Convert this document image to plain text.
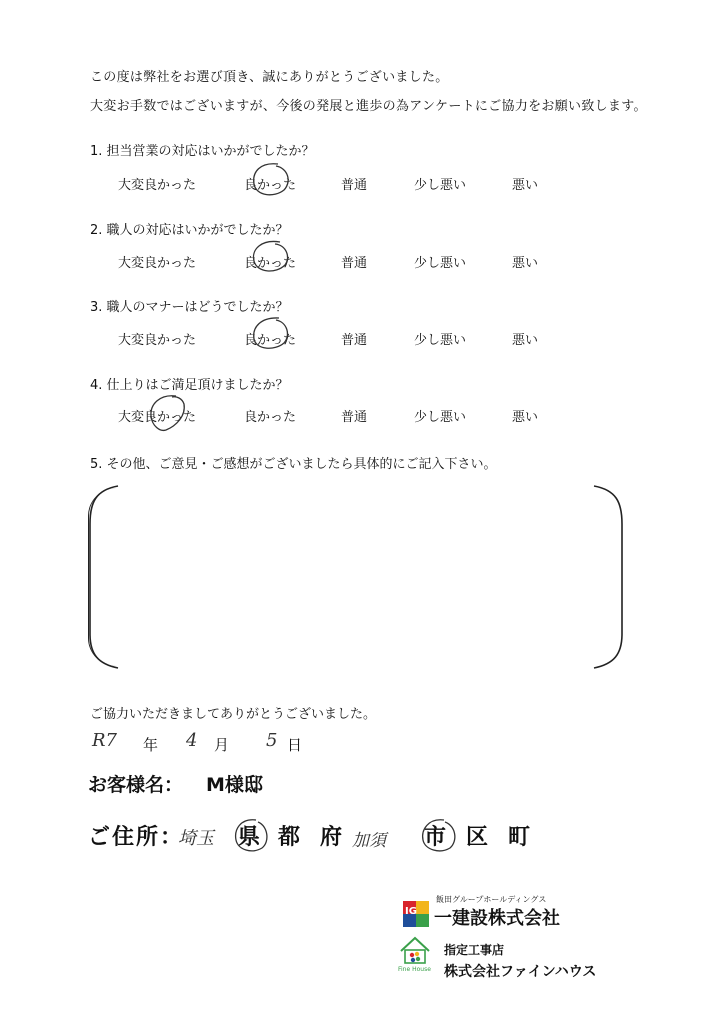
この度は弊社をお選び頂き、誠にありがとうございました。
大変お手数ではございますが、今後の発展と進歩の為アンケートにご協力をお願い致します。
1. 担当営業の対応はいかがでしたか？
大変良かった	良かった	普通	少し悪い	悪い
2. 職人の対応はいかがでしたか？
大変良かった	良かった	普通	少し悪い	悪い
3. 職人のマナーはどうでしたか？
大変良かった	良かった	普通	少し悪い	悪い
4. 仕上りはご満足頂けましたか？
大変良かった	良かった	普通	少し悪い	悪い
5. その他、ご意見・ご感想がございましたら具体的にご記入下さい。
ご協力いただきましてありがとうございました。
R7 年 4 月 5 日
お客様名： M様邸
ご住所：
埼玉 県 都 府 加須 市 区 町
IG
飯田グループホールディングス
一建設株式会社
Fine House
指定工事店
株式会社ファインハウス
